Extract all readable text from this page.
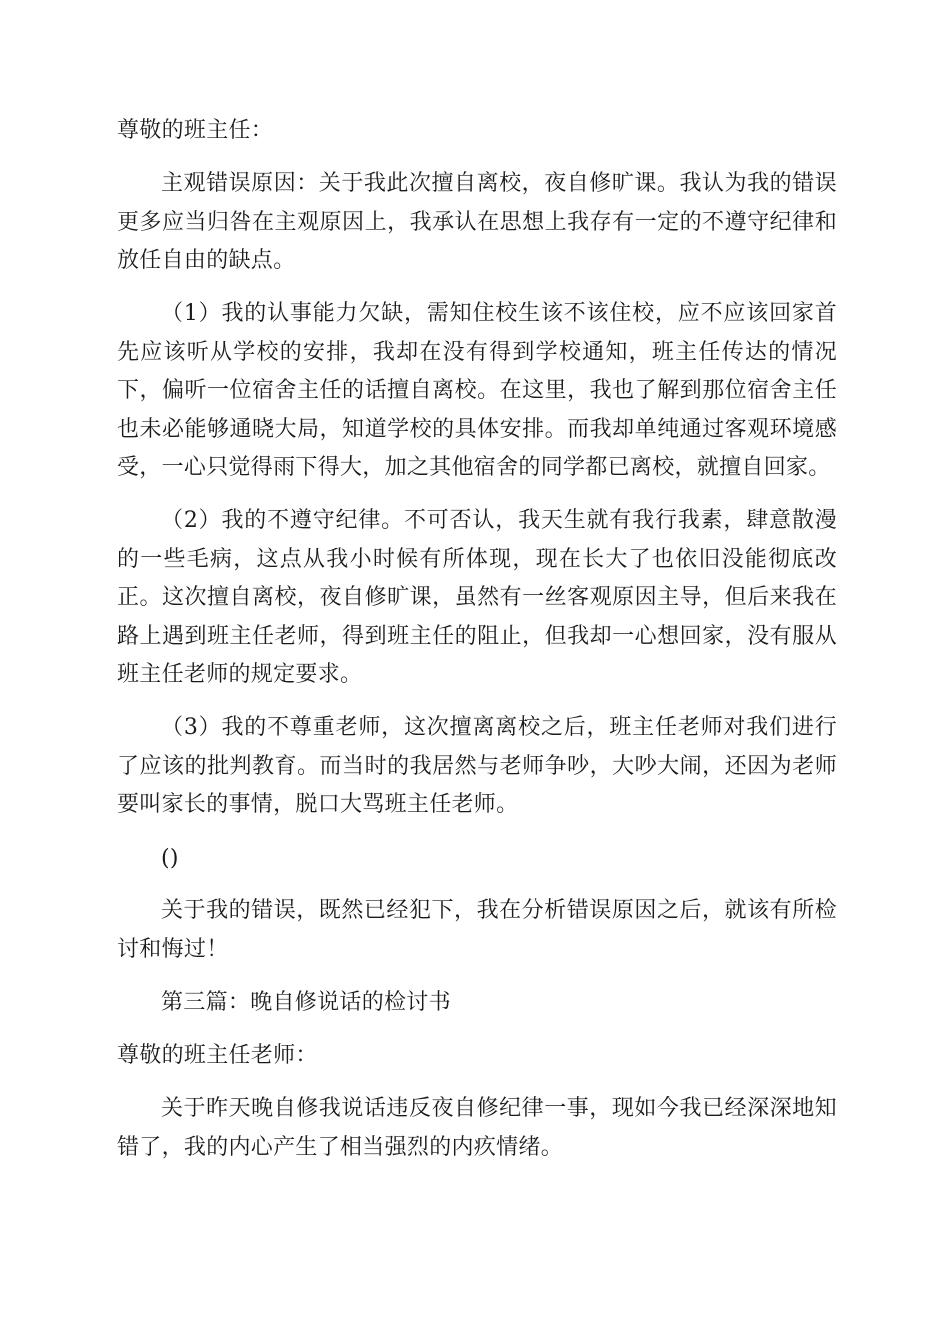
尊敬的班主任：

主观错误原因：关于我此次擅自离校，夜自修旷课。我认为我的错误更多应当归咎在主观原因上，我承认在思想上我存有一定的不遵守纪律和放任自由的缺点。

（1）我的认事能力欠缺，需知住校生该不该住校，应不应该回家首先应该听从学校的安排，我却在没有得到学校通知，班主任传达的情况下，偏听一位宿舍主任的话擅自离校。在这里，我也了解到那位宿舍主任也未必能够通晓大局，知道学校的具体安排。而我却单纯通过客观环境感受，一心只觉得雨下得大，加之其他宿舍的同学都已离校，就擅自回家。

（2）我的不遵守纪律。不可否认，我天生就有我行我素，肆意散漫的一些毛病，这点从我小时候有所体现，现在长大了也依旧没能彻底改正。这次擅自离校，夜自修旷课，虽然有一丝客观原因主导，但后来我在路上遇到班主任老师，得到班主任的阻止，但我却一心想回家，没有服从班主任老师的规定要求。

（3）我的不尊重老师，这次擅离离校之后，班主任老师对我们进行了应该的批判教育。而当时的我居然与老师争吵，大吵大闹，还因为老师要叫家长的事情，脱口大骂班主任老师。

()

关于我的错误，既然已经犯下，我在分析错误原因之后，就该有所检讨和悔过！

第三篇：晚自修说话的检讨书

尊敬的班主任老师：

关于昨天晚自修我说话违反夜自修纪律一事，现如今我已经深深地知错了，我的内心产生了相当强烈的内疚情绪。
